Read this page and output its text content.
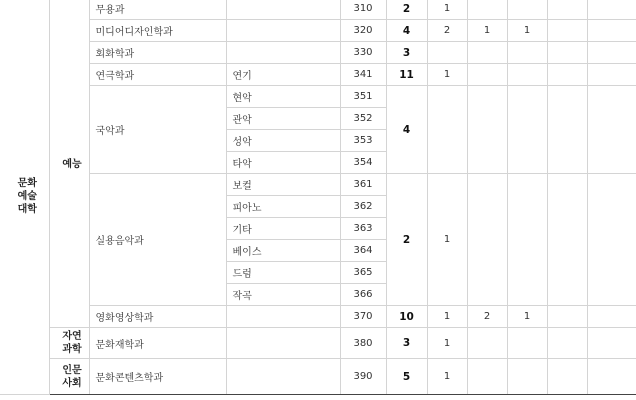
문화
예술
대학	예능	무용과		310	2	1				
		미디어디자인학과		320	4	2	1	1		
		회화학과		330	3					
		연극학과	연기	341	11	1				
		국악과	현악	351	4					
			관악	352						
			성악	353						
			타악	354						
		실용음악과	보컬	361	2	1				
			피아노	362						
			기타	363						
			베이스	364						
			드럼	365						
			작곡	366						
		영화영상학과		370	10	1	2	1		

	자연
과학	문화재학과		380	3	1				

	인문
사회	문화콘텐츠학과		390	5	1				
